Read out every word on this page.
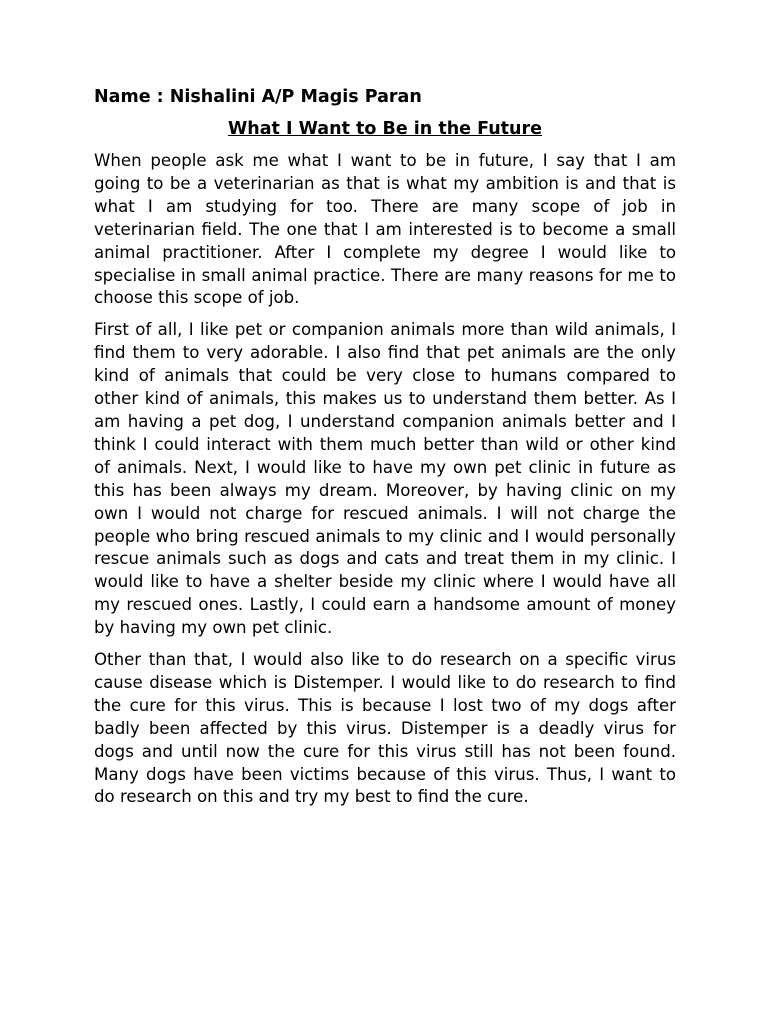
Name : Nishalini A/P Magis Paran
What I Want to Be in the Future

When people ask me what I want to be in future, I say that I am going to be a veterinarian as that is what my ambition is and that is what I am studying for too. There are many scope of job in veterinarian field. The one that I am interested is to become a small animal practitioner. After I complete my degree I would like to specialise in small animal practice. There are many reasons for me to choose this scope of job.

First of all, I like pet or companion animals more than wild animals, I find them to very adorable. I also find that pet animals are the only kind of animals that could be very close to humans compared to other kind of animals, this makes us to understand them better. As I am having a pet dog, I understand companion animals better and I think I could interact with them much better than wild or other kind of animals. Next, I would like to have my own pet clinic in future as this has been always my dream. Moreover, by having clinic on my own I would not charge for rescued animals. I will not charge the people who bring rescued animals to my clinic and I would personally rescue animals such as dogs and cats and treat them in my clinic. I would like to have a shelter beside my clinic where I would have all my rescued ones. Lastly, I could earn a handsome amount of money by having my own pet clinic.

Other than that, I would also like to do research on a specific virus cause disease which is Distemper. I would like to do research to find the cure for this virus. This is because I lost two of my dogs after badly been affected by this virus. Distemper is a deadly virus for dogs and until now the cure for this virus still has not been found. Many dogs have been victims because of this virus. Thus, I want to do research on this and try my best to find the cure.
